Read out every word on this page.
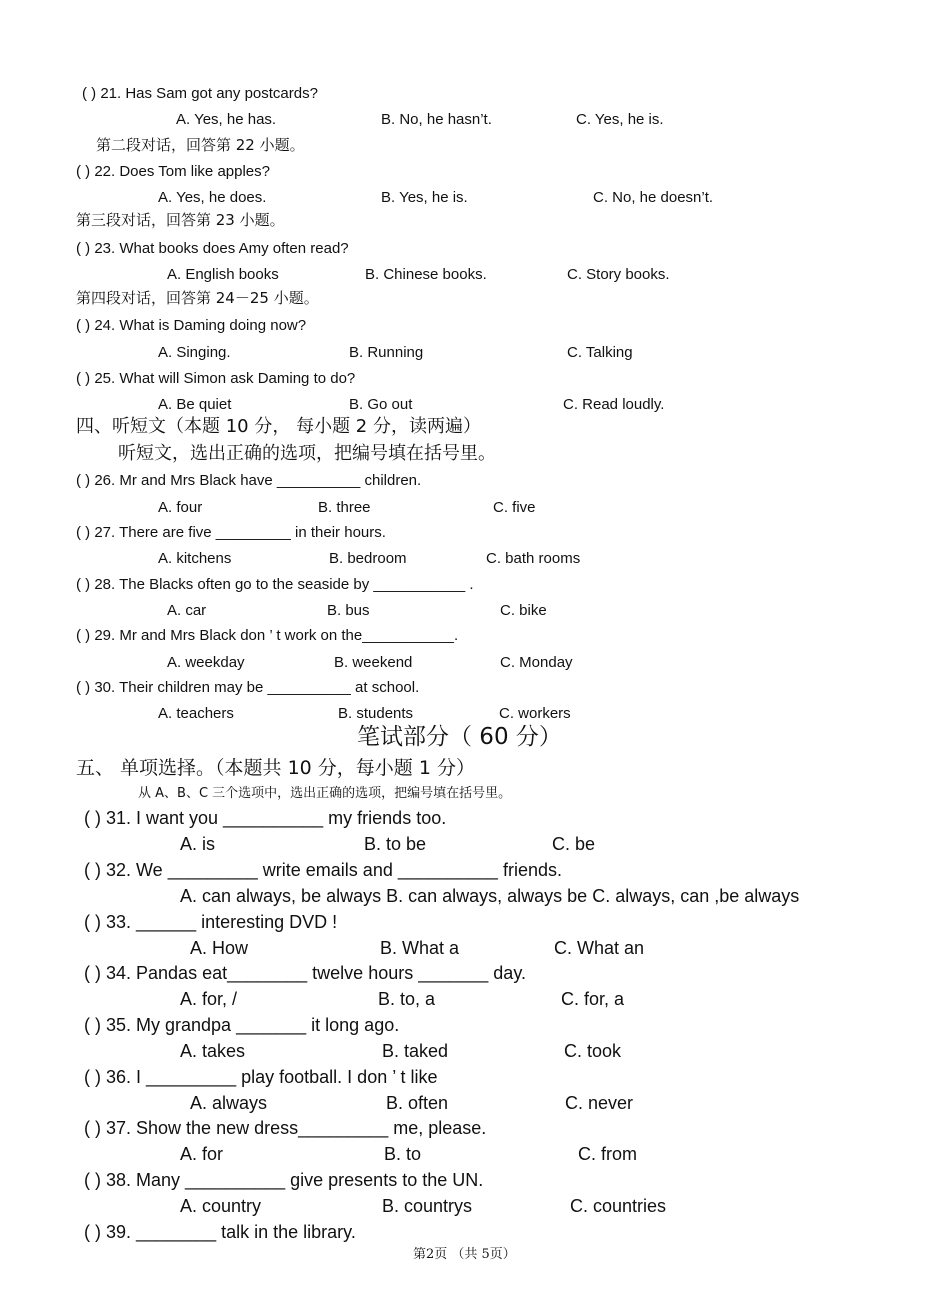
( ) 21. Has Sam got any postcards?
A. Yes, he has.	B. No, he hasn’t.	C. Yes, he is.
第二段对话，回答第 22 小题。
( ) 22. Does Tom like apples?
A. Yes, he does.	B. Yes, he is.	C. No, he doesn’t.
第三段对话，回答第 23 小题。
( ) 23. What books does Amy often read?
A. English books	B. Chinese books.	C. Story books.
第四段对话，回答第 24－25 小题。
( ) 24. What is Daming doing now?
A. Singing.	B. Running	C. Talking
( ) 25. What will Simon ask Daming to do?
A. Be quiet	B. Go out	C. Read loudly.
四、听短文（本题 10 分， 每小题 2 分，读两遍）
听短文，选出正确的选项，把编号填在括号里。
( ) 26. Mr and Mrs Black have __________ children.
A. four	B. three	C. five
( ) 27. There are five _________ in their hours.
A. kitchens	B. bedroom	C. bath rooms
( ) 28. The Blacks often go to the seaside by ___________ .
A. car	B. bus	C. bike
( ) 29. Mr and Mrs Black don ’ t work on the___________.
A. weekday	B. weekend	C. Monday
( ) 30. Their children may be __________ at school.
A. teachers	B. students	C. workers
笔试部分（ 60 分）
五、 单项选择。（本题共 10 分，每小题 1 分）
从 A、B、C 三个选项中，选出正确的选项，把编号填在括号里。
( ) 31. I want you __________ my friends too.
A. is	B. to be	C. be
( ) 32. We _________ write emails and __________ friends.
A. can always, be always B. can always, always be C. always, can ,be always
( ) 33. ______ interesting DVD !
A. How	B. What a	C. What an
( ) 34. Pandas eat________ twelve hours _______ day.
A. for, /	B. to, a	C. for, a
( ) 35. My grandpa _______ it long ago.
A. takes	B. taked	C. took
( ) 36. I _________ play football. I don ’ t like
A. always	B. often	C. never
( ) 37. Show the new dress_________ me, please.
A. for	B. to	C. from
( ) 38. Many __________ give presents to the UN.
A. country	B. countrys	C. countries
( ) 39. ________ talk in the library.
第2页 （共 5页）
